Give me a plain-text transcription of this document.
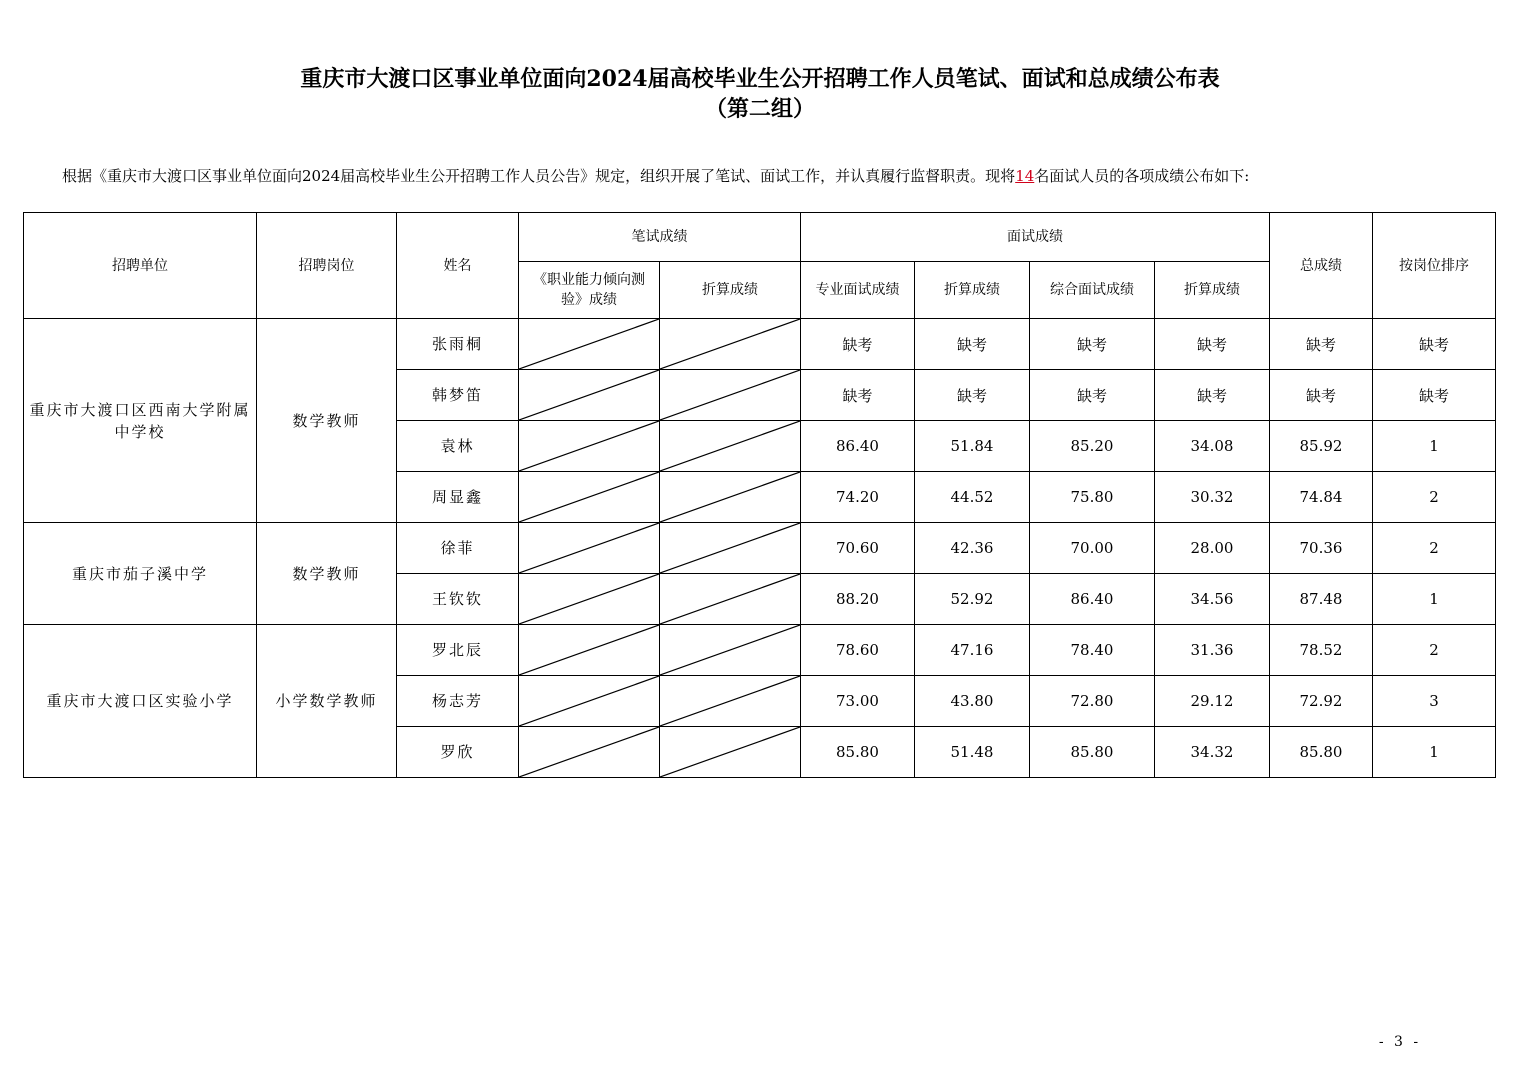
重庆市大渡口区事业单位面向2024届高校毕业生公开招聘工作人员笔试、面试和总成绩公布表
（第二组）
根据《重庆市大渡口区事业单位面向2024届高校毕业生公开招聘工作人员公告》规定，组织开展了笔试、面试工作，并认真履行监督职责。现将14名面试人员的各项成绩公布如下:
招聘单位	招聘岗位	姓名	笔试成绩		面试成绩				总成绩	按岗位排序
			《职业能力倾向测验》成绩	折算成绩	专业面试成绩	折算成绩	综合面试成绩	折算成绩		
重庆市大渡口区西南大学附属中学校	数学教师	张雨桐			缺考	缺考	缺考	缺考	缺考	缺考
		韩梦笛			缺考	缺考	缺考	缺考	缺考	缺考
		袁林			86.40	51.84	85.20	34.08	85.92	1
		周显鑫			74.20	44.52	75.80	30.32	74.84	2
重庆市茄子溪中学	数学教师	徐菲			70.60	42.36	70.00	28.00	70.36	2
		王钦钦			88.20	52.92	86.40	34.56	87.48	1
重庆市大渡口区实验小学	小学数学教师	罗北辰			78.60	47.16	78.40	31.36	78.52	2
		杨志芳			73.00	43.80	72.80	29.12	72.92	3
		罗欣			85.80	51.48	85.80	34.32	85.80	1
- 3 -
